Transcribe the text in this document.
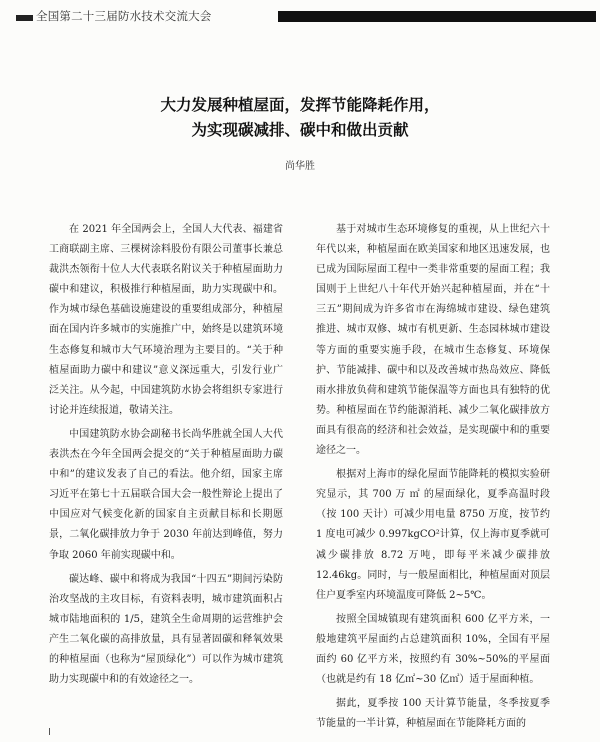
全国第二十三届防水技术交流大会
大力发展种植屋面，发挥节能降耗作用，
为实现碳减排、碳中和做出贡献
尚华胜

在 2021 年全国两会上，全国人大代表、福建省工商联副主席、三棵树涂料股份有限公司董事长兼总裁洪杰领衔十位人大代表联名附议关于种植屋面助力碳中和建议，积极推行种植屋面，助力实现碳中和。作为城市绿色基础设施建设的重要组成部分，种植屋面在国内许多城市的实施推广中，始终是以建筑环境生态修复和城市大气环境治理为主要目的。“关于种植屋面助力碳中和建议”意义深远重大，引发行业广泛关注。从今起，中国建筑防水协会将组织专家进行讨论并连续报道，敬请关注。

中国建筑防水协会副秘书长尚华胜就全国人大代表洪杰在今年全国两会提交的“关于种植屋面助力碳中和”的建议发表了自己的看法。他介绍，国家主席习近平在第七十五届联合国大会一般性辩论上提出了中国应对气候变化新的国家自主贡献目标和长期愿景，二氧化碳排放力争于 2030 年前达到峰值，努力争取 2060 年前实现碳中和。

碳达峰、碳中和将成为我国“十四五”期间污染防治攻坚战的主攻目标，有资料表明，城市建筑面积占城市陆地面积的 1/5，建筑全生命周期的运营维护会产生二氧化碳的高排放量，具有显著固碳和释氧效果的种植屋面（也称为“屋顶绿化”）可以作为城市建筑助力实现碳中和的有效途径之一。

基于对城市生态环境修复的重视，从上世纪六十年代以来，种植屋面在欧美国家和地区迅速发展，也已成为国际屋面工程中一类非常重要的屋面工程；我国则于上世纪八十年代开始兴起种植屋面，并在“十三五”期间成为许多省市在海绵城市建设、绿色建筑推进、城市双修、城市有机更新、生态园林城市建设等方面的重要实施手段，在城市生态修复、环境保护、节能减排、碳中和以及改善城市热岛效应、降低雨水排放负荷和建筑节能保温等方面也具有独特的优势。种植屋面在节约能源消耗、减少二氧化碳排放方面具有很高的经济和社会效益，是实现碳中和的重要途径之一。

根据对上海市的绿化屋面节能降耗的模拟实验研究显示，其 700 万 ㎡ 的屋面绿化，夏季高温时段（按 100 天计）可减少用电量 8750 万度，按节约 1 度电可减少 0.997kgCO²计算，仅上海市夏季就可减少碳排放 8.72 万吨，即每平米减少碳排放 12.46kg。同时，与一般屋面相比，种植屋面对顶层住户夏季室内环境温度可降低 2~5℃。

按照全国城镇现有建筑面积 600 亿平方米，一般地建筑平屋面约占总建筑面积 10%，全国有平屋面约 60 亿平方米，按照约有 30%~50%的平屋面（也就是约有 18 亿㎡~30 亿㎡）适于屋面种植。

据此，夏季按 100 天计算节能量，冬季按夏季节能量的一半计算，种植屋面在节能降耗方面的
